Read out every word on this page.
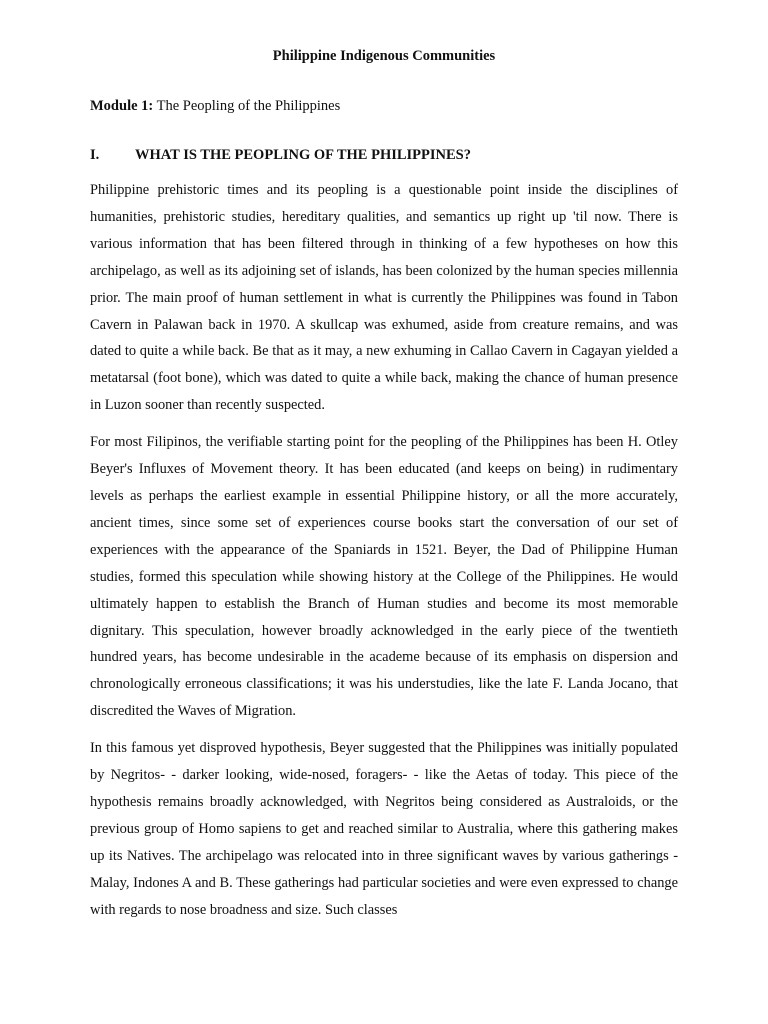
Philippine Indigenous Communities

Module 1: The Peopling of the Philippines

I. WHAT IS THE PEOPLING OF THE PHILIPPINES?

Philippine prehistoric times and its peopling is a questionable point inside the disciplines of humanities, prehistoric studies, hereditary qualities, and semantics up right up 'til now. There is various information that has been filtered through in thinking of a few hypotheses on how this archipelago, as well as its adjoining set of islands, has been colonized by the human species millennia prior. The main proof of human settlement in what is currently the Philippines was found in Tabon Cavern in Palawan back in 1970. A skullcap was exhumed, aside from creature remains, and was dated to quite a while back. Be that as it may, a new exhuming in Callao Cavern in Cagayan yielded a metatarsal (foot bone), which was dated to quite a while back, making the chance of human presence in Luzon sooner than recently suspected.

For most Filipinos, the verifiable starting point for the peopling of the Philippines has been H. Otley Beyer's Influxes of Movement theory. It has been educated (and keeps on being) in rudimentary levels as perhaps the earliest example in essential Philippine history, or all the more accurately, ancient times, since some set of experiences course books start the conversation of our set of experiences with the appearance of the Spaniards in 1521. Beyer, the Dad of Philippine Human studies, formed this speculation while showing history at the College of the Philippines. He would ultimately happen to establish the Branch of Human studies and become its most memorable dignitary. This speculation, however broadly acknowledged in the early piece of the twentieth hundred years, has become undesirable in the academe because of its emphasis on dispersion and chronologically erroneous classifications; it was his understudies, like the late F. Landa Jocano, that discredited the Waves of Migration.

In this famous yet disproved hypothesis, Beyer suggested that the Philippines was initially populated by Negritos- - darker looking, wide-nosed, foragers- - like the Aetas of today. This piece of the hypothesis remains broadly acknowledged, with Negritos being considered as Australoids, or the previous group of Homo sapiens to get and reached similar to Australia, where this gathering makes up its Natives. The archipelago was relocated into in three significant waves by various gatherings - Malay, Indones A and B. These gatherings had particular societies and were even expressed to change with regards to nose broadness and size. Such classes
